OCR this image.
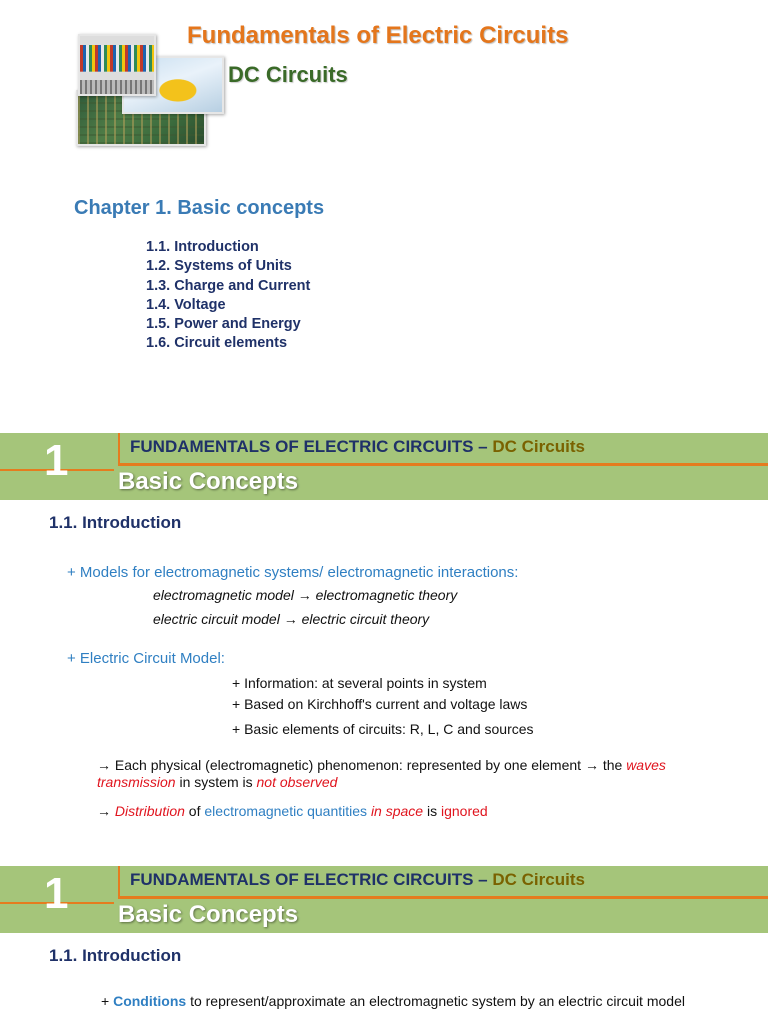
Fundamentals of Electric Circuits
DC Circuits
Chapter 1. Basic concepts
1.1. Introduction
1.2. Systems of Units
1.3. Charge and Current
1.4. Voltage
1.5. Power and Energy
1.6. Circuit elements
1	FUNDAMENTALS OF ELECTRIC CIRCUITS – DC Circuits
Basic Concepts
1.1. Introduction
+ Models for electromagnetic systems/ electromagnetic interactions:
electromagnetic model → electromagnetic theory
electric circuit model → electric circuit theory
+ Electric Circuit Model:
+ Information: at several points in system
+ Based on Kirchhoff's current and voltage laws
+ Basic elements of circuits: R, L, C and sources
→ Each physical (electromagnetic) phenomenon: represented by one element → the waves transmission in system is not observed
→ Distribution of electromagnetic quantities in space is ignored
1	FUNDAMENTALS OF ELECTRIC CIRCUITS – DC Circuits
Basic Concepts
1.1. Introduction
+ Conditions to represent/approximate an electromagnetic system by an electric circuit model
